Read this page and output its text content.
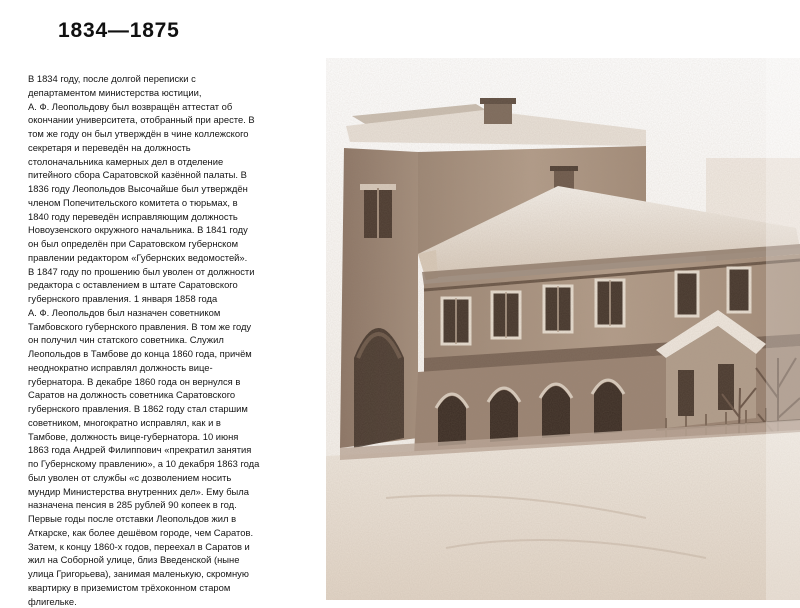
1834—1875
В 1834 году, после долгой переписки с
департаментом министерства юстиции,
А. Ф. Леопольдову был возвращён аттестат об
окончании университета, отобранный при аресте. В
том же году он был утверждён в чине коллежского
секретаря и переведён на должность
столоначальника камерных дел в отделение
питейного сбора Саратовской казённой палаты. В
1836 году Леопольдов Высочайше был утверждён
членом Попечительского комитета о тюрьмах, в
1840 году переведён исправляющим должность
Новоузенского окружного начальника. В 1841 году
он был определён при Саратовском губернском
правлении редактором «Губернских ведомостей».
В 1847 году по прошению был уволен от должности
редактора с оставлением в штате Саратовского
губернского правления. 1 января 1858 года
А. Ф. Леопольдов был назначен советником
Тамбовского губернского правления. В том же году
он получил чин статского советника. Служил
Леопольдов в Тамбове до конца 1860 года, причём
неоднократно исправлял должность вице-
губернатора. В декабре 1860 года он вернулся в
Саратов на должность советника Саратовского
губернского правления. В 1862 году стал старшим
советником, многократно исправлял, как и в
Тамбове, должность вице-губернатора. 10 июня
1863 года Андрей Филиппович «прекратил занятия
по Губернскому правлению», а 10 декабря 1863 года
был уволен от службы «с дозволением носить
мундир Министерства внутренних дел». Ему была
назначена пенсия в 285 рублей 90 копеек в год.
Первые годы после отставки Леопольдов жил в
Аткарске, как более дешёвом городе, чем Саратов.
Затем, к концу 1860-х годов, переехал в Саратов и
жил на Соборной улице, близ Введенской (ныне
улица Григорьева), занимая маленькую, скромную
квартирку в приземистом трёхоконном старом
флигельке.
